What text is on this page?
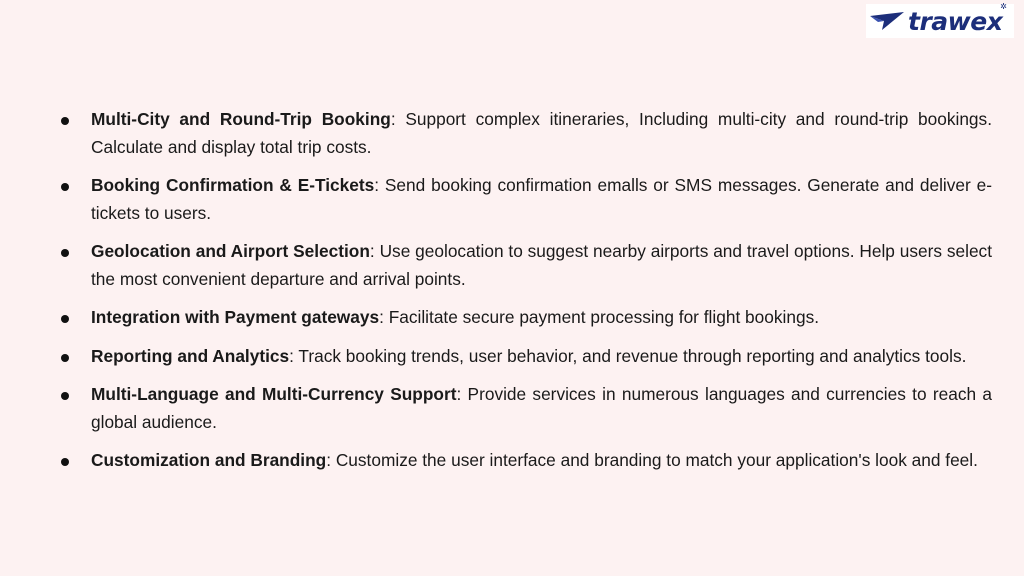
trawex
✲
Multi-City and Round-Trip Booking: Support complex itineraries, Including multi-city and round-trip bookings. Calculate and display total trip costs.
Booking Confirmation & E-Tickets: Send booking confirmation emalls or SMS messages. Generate and deliver e-tickets to users.
Geolocation and Airport Selection: Use geolocation to suggest nearby airports and travel options. Help users select the most convenient departure and arrival points.
Integration with Payment gateways: Facilitate secure payment processing for flight bookings.
Reporting and Analytics: Track booking trends, user behavior, and revenue through reporting and analytics tools.
Multi-Language and Multi-Currency Support: Provide services in numerous languages and currencies to reach a global audience.
Customization and Branding: Customize the user interface and branding to match your application's look and feel.
